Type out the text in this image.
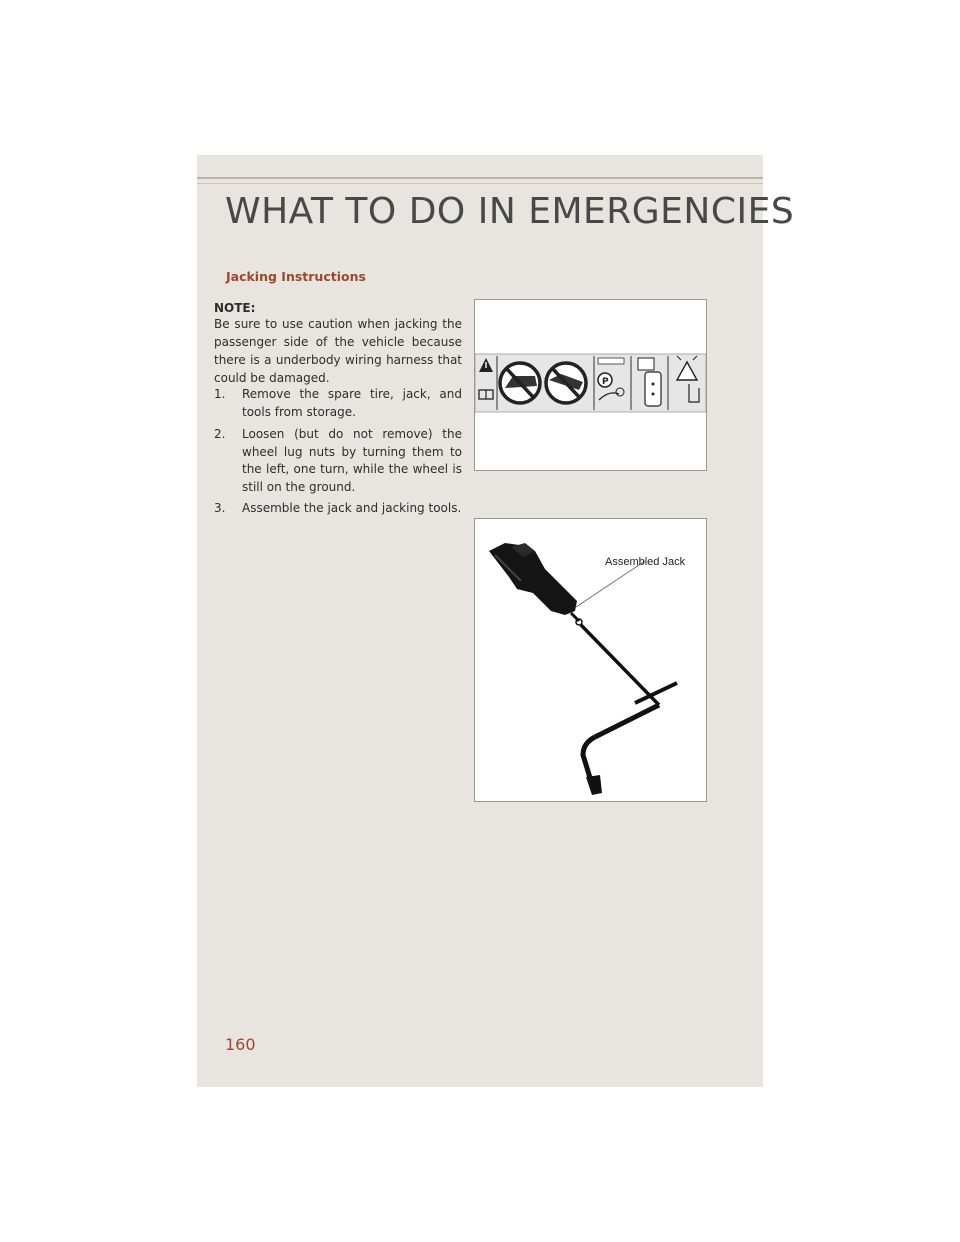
WHAT TO DO IN EMERGENCIES
Jacking Instructions
NOTE:
Be sure to use caution when jacking the passenger side of the vehicle because there is a underbody wiring harness that could be damaged.
1. Remove the spare tire, jack, and tools from storage.
2. Loosen (but do not remove) the wheel lug nuts by turning them to the left, one turn, while the wheel is still on the ground.
3. Assemble the jack and jacking tools.
P
Assembled Jack
160
